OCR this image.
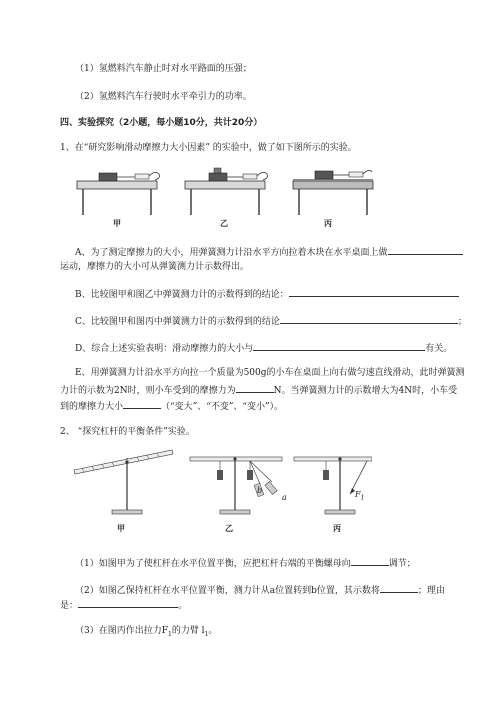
（1）氢燃料汽车静止时对水平路面的压强；
（2）氢燃料汽车行驶时水平牵引力的功率。
四、实验探究（2小题，每小题10分，共计20分）
1、在“研究影响滑动摩擦力大小因素” 的实验中，做了如下图所示的实验。
甲	乙	丙
A、为了测定摩擦力的大小，用弹簧测力计沿水平方向拉着木块在水平桌面上做
运动，摩擦力的大小可从弹簧测力计示数得出。
B、比较图甲和图乙中弹簧测力计的示数得到的结论：
C、比较图甲和图丙中弹簧测力计的示数得到的结论	；
D、综合上述实验表明：滑动摩擦力的大小与	有关。
E、用弹簧测力计沿水平方向拉一个质量为500g的小车在桌面上向右做匀速直线滑动，此时弹簧测
力计的示数为2N时，则小车受到的摩擦力为	N。当弹簧测力计的示数增大为4N时，小车受
到的摩擦力大小	（“变大”、“不变”、“变小”）。
2、 “探究杠杆的平衡条件”实验。
b
a	$F_1$
甲	乙	丙
（1）如图甲为了使杠杆在水平位置平衡，应把杠杆右端的平衡螺母向	调节；
（2）如图乙保持杠杆在水平位置平衡，测力计从a位置转到b位置，其示数将	；理由
是：	。
（3）在图丙作出拉力$F_1$的力臂 $l_1$。
